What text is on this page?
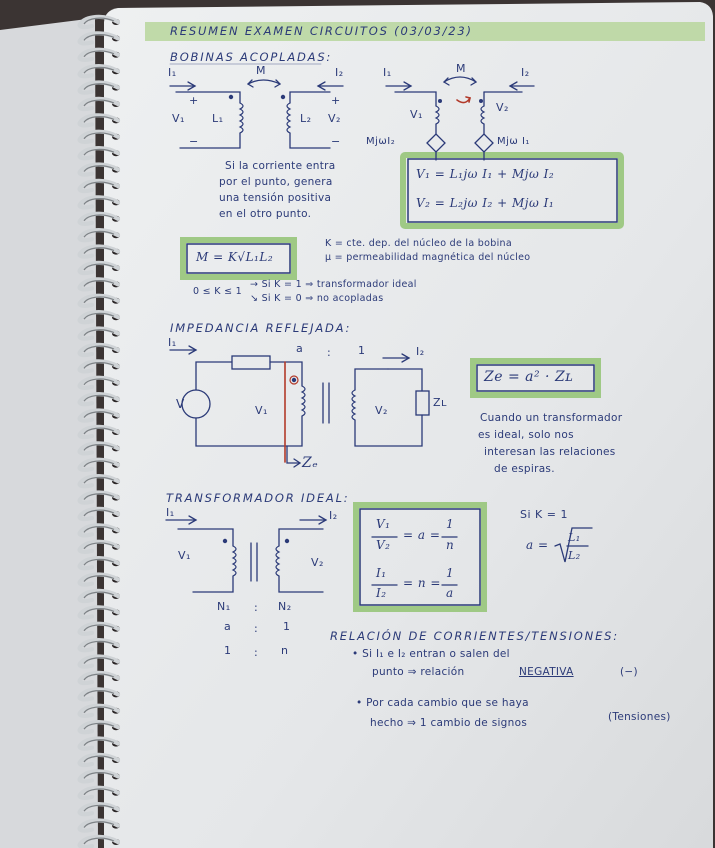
RESUMEN EXAMEN CIRCUITOS (03/03/23)
BOBINAS ACOPLADAS:
I₁	M	I₂
+
V₁ L₁
−
L₂
+
V₂
−
Si la corriente entra
por el punto, genera
una tensión positiva
en el otro punto.
I₁	M	I₂
V₁
V₂
MjωI₂	Mjω I₁
V₁ = L₁jω I₁ + Mjω I₂
V₂ = L₂jω I₂ + Mjω I₁
M = K√L₁L₂
K = cte. dep. del núcleo de la bobina
μ = permeabilidad magnética del núcleo
0 ≤ K ≤ 1
→ Si K = 1 ⇒ transformador ideal
↘ Si K = 0 ⇒ no acopladas
IMPEDANCIA REFLEJADA:
I₁
V	V₁
a : 1	I₂
V₂
Zʟ
Zₑ
Ze = a² · Zʟ
Cuando un transformador
es ideal, solo nos
interesan las relaciones
de espiras.
TRANSFORMADOR IDEAL:
I₁
V₁
I₂
V₂
N₁ : N₂
a : 1
1 : n
V₁
V₂
= a =
1
n
I₁
I₂
= n =
1
a
Si K = 1
a =
L₁
L₂
RELACIÓN DE CORRIENTES/TENSIONES:
• Si I₁ e I₂ entran o salen del
punto ⇒ relación	NEGATIVA	(−)
• Por cada cambio que se haya
hecho ⇒ 1 cambio de signos	(Tensiones)
